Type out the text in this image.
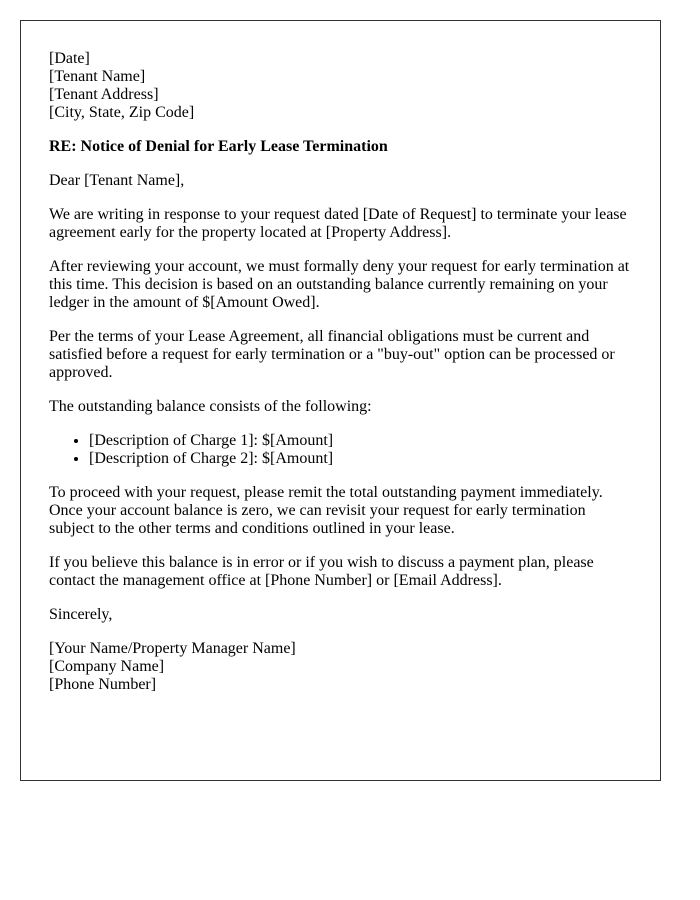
[Date]
[Tenant Name]
[Tenant Address]
[City, State, Zip Code]
RE: Notice of Denial for Early Lease Termination

Dear [Tenant Name],

We are writing in response to your request dated [Date of Request] to terminate your lease agreement early for the property located at [Property Address].

After reviewing your account, we must formally deny your request for early termination at this time. This decision is based on an outstanding balance currently remaining on your ledger in the amount of $[Amount Owed].

Per the terms of your Lease Agreement, all financial obligations must be current and satisfied before a request for early termination or a "buy-out" option can be processed or approved.

The outstanding balance consists of the following:

• [Description of Charge 1]: $[Amount]
• [Description of Charge 2]: $[Amount]

To proceed with your request, please remit the total outstanding payment immediately. Once your account balance is zero, we can revisit your request for early termination subject to the other terms and conditions outlined in your lease.

If you believe this balance is in error or if you wish to discuss a payment plan, please contact the management office at [Phone Number] or [Email Address].

Sincerely,

[Your Name/Property Manager Name]
[Company Name]
[Phone Number]
